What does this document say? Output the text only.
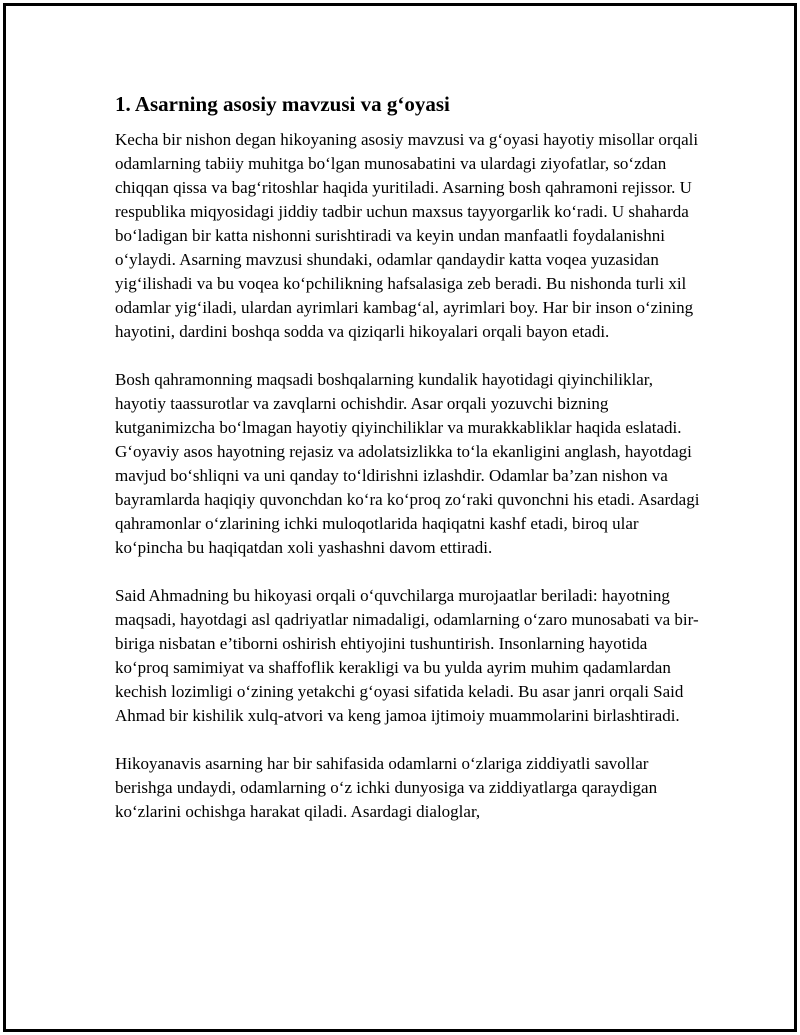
1. Asarning asosiy mavzusi va g‘oyasi

Kecha bir nishon degan hikoyaning asosiy mavzusi va g‘oyasi hayotiy misollar orqali odamlarning tabiiy muhitga bo‘lgan munosabatini va ulardagi ziyofatlar, so‘zdan chiqqan qissa va bag‘ritoshlar haqida yuritiladi. Asarning bosh qahramoni rejissor. U respublika miqyosidagi jiddiy tadbir uchun maxsus tayyorgarlik ko‘radi. U shaharda bo‘ladigan bir katta nishonni surishtiradi va keyin undan manfaatli foydalanishni o‘ylaydi. Asarning mavzusi shundaki, odamlar qandaydir katta voqea yuzasidan yig‘ilishadi va bu voqea ko‘pchilikning hafsalasiga zeb beradi. Bu nishonda turli xil odamlar yig‘iladi, ulardan ayrimlari kambag‘al, ayrimlari boy. Har bir inson o‘zining hayotini, dardini boshqa sodda va qiziqarli hikoyalari orqali bayon etadi.

Bosh qahramonning maqsadi boshqalarning kundalik hayotidagi qiyinchiliklar, hayotiy taassurotlar va zavqlarni ochishdir. Asar orqali yozuvchi bizning kutganimizcha bo‘lmagan hayotiy qiyinchiliklar va murakkabliklar haqida eslatadi. G‘oyaviy asos hayotning rejasiz va adolatsizlikka to‘la ekanligini anglash, hayotdagi mavjud bo‘shliqni va uni qanday to‘ldirishni izlashdir. Odamlar ba’zan nishon va bayramlarda haqiqiy quvonchdan ko‘ra ko‘proq zo‘raki quvonchni his etadi. Asardagi qahramonlar o‘zlarining ichki muloqotlarida haqiqatni kashf etadi, biroq ular ko‘pincha bu haqiqatdan xoli yashashni davom ettiradi.

Said Ahmadning bu hikoyasi orqali o‘quvchilarga murojaatlar beriladi: hayotning maqsadi, hayotdagi asl qadriyatlar nimadaligi, odamlarning o‘zaro munosabati va bir-biriga nisbatan e’tiborni oshirish ehtiyojini tushuntirish. Insonlarning hayotida ko‘proq samimiyat va shaffoflik kerakligi va bu yulda ayrim muhim qadamlardan kechish lozimligi o‘zining yetakchi g‘oyasi sifatida keladi. Bu asar janri orqali Said Ahmad bir kishilik xulq-atvori va keng jamoa ijtimoiy muammolarini birlashtiradi.

Hikoyanavis asarning har bir sahifasida odamlarni o‘zlariga ziddiyatli savollar berishga undaydi, odamlarning o‘z ichki dunyosiga va ziddiyatlarga qaraydigan ko‘zlarini ochishga harakat qiladi. Asardagi dialoglar,
